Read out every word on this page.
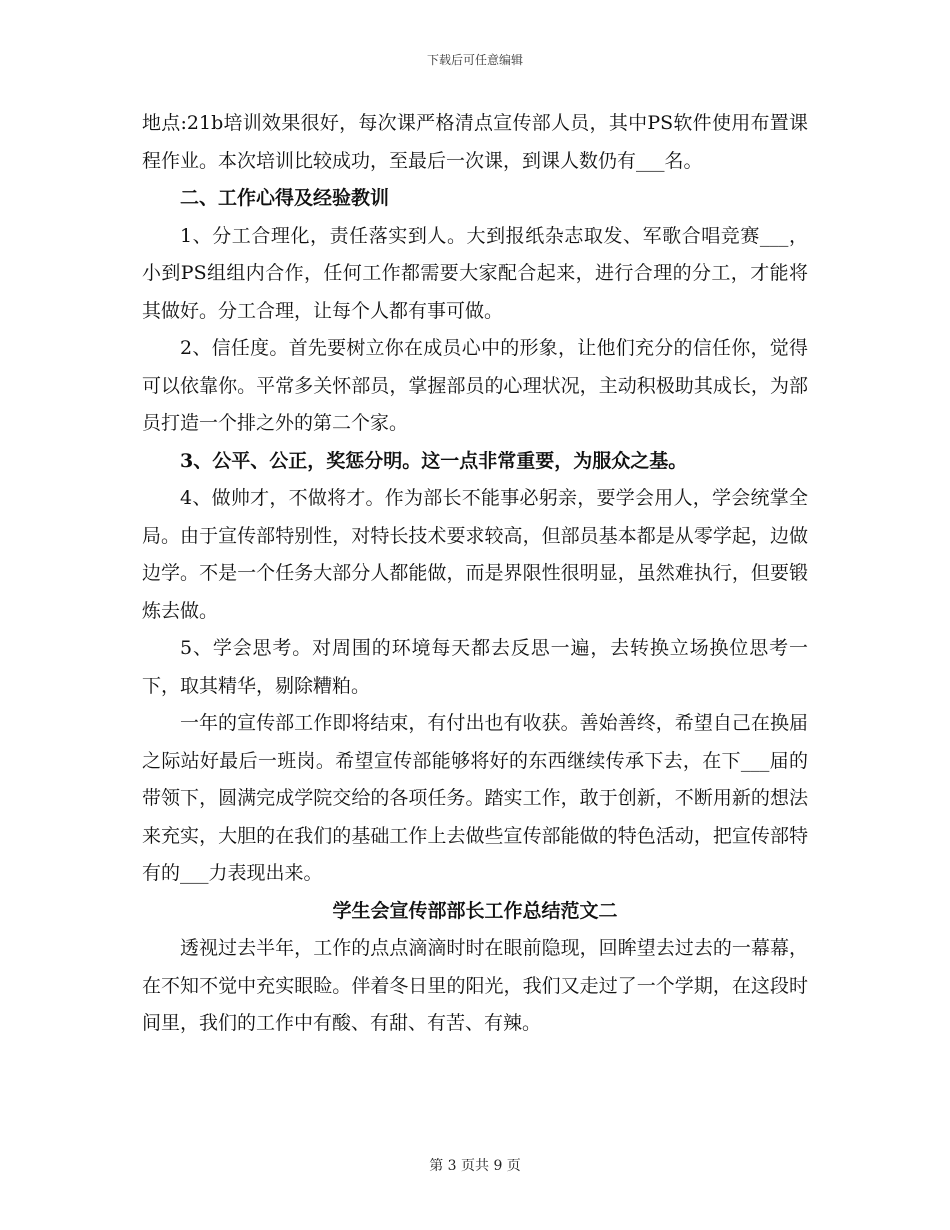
下载后可任意编辑

地点:21b培训效果很好，每次课严格清点宣传部人员，其中PS软件使用布置课程作业。本次培训比较成功，至最后一次课，到课人数仍有___名。

二、工作心得及经验教训

1、分工合理化，责任落实到人。大到报纸杂志取发、军歌合唱竞赛___，小到PS组组内合作，任何工作都需要大家配合起来，进行合理的分工，才能将其做好。分工合理，让每个人都有事可做。

2、信任度。首先要树立你在成员心中的形象，让他们充分的信任你，觉得可以依靠你。平常多关怀部员，掌握部员的心理状况，主动积极助其成长，为部员打造一个排之外的第二个家。

3、公平、公正，奖惩分明。这一点非常重要，为服众之基。

4、做帅才，不做将才。作为部长不能事必躬亲，要学会用人，学会统掌全局。由于宣传部特别性，对特长技术要求较高，但部员基本都是从零学起，边做边学。不是一个任务大部分人都能做，而是界限性很明显，虽然难执行，但要锻炼去做。

5、学会思考。对周围的环境每天都去反思一遍，去转换立场换位思考一下，取其精华，剔除糟粕。

一年的宣传部工作即将结束，有付出也有收获。善始善终，希望自己在换届之际站好最后一班岗。希望宣传部能够将好的东西继续传承下去，在下___届的带领下，圆满完成学院交给的各项任务。踏实工作，敢于创新，不断用新的想法来充实，大胆的在我们的基础工作上去做些宣传部能做的特色活动，把宣传部特有的___力表现出来。

学生会宣传部部长工作总结范文二

透视过去半年，工作的点点滴滴时时在眼前隐现，回眸望去过去的一幕幕，在不知不觉中充实眼睑。伴着冬日里的阳光，我们又走过了一个学期，在这段时间里，我们的工作中有酸、有甜、有苦、有辣。

第 3 页共 9 页
